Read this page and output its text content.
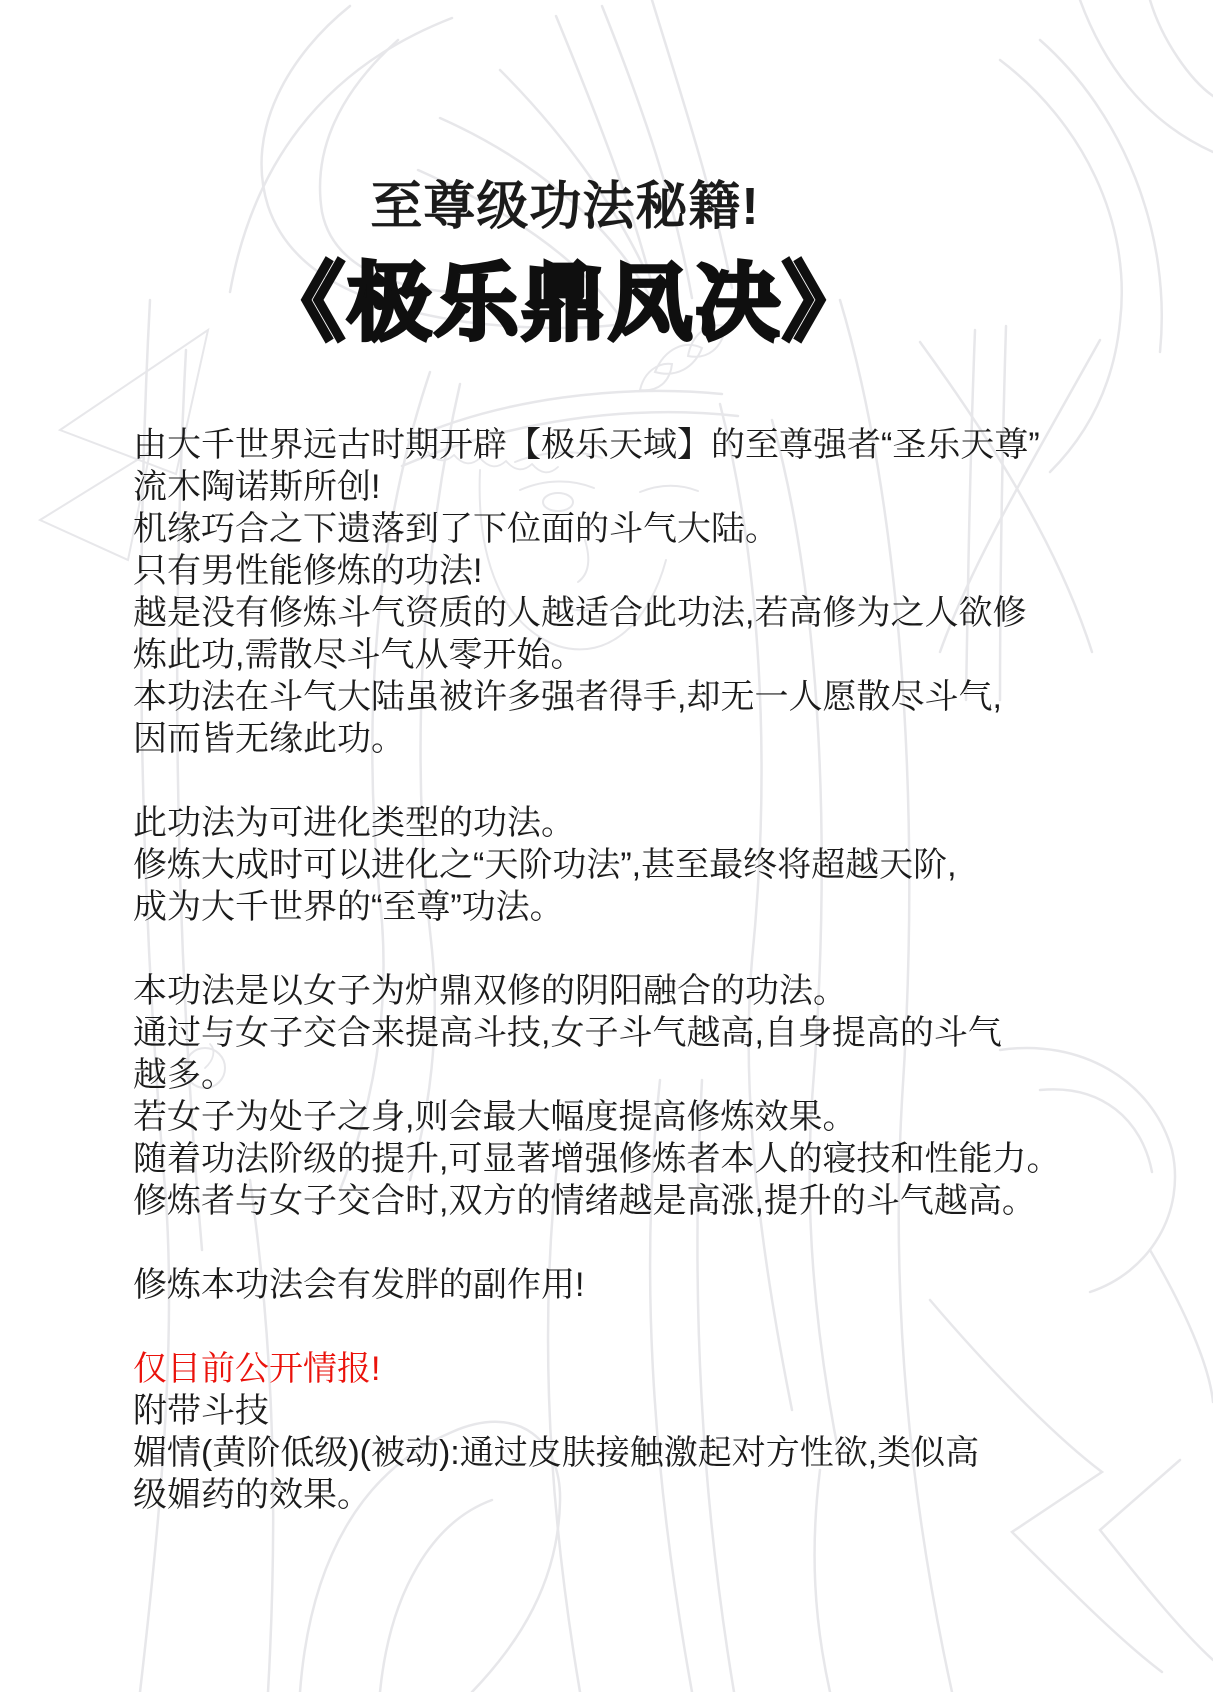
至尊级功法秘籍!
《极乐鼎凤决》
由大千世界远古时期开辟【极乐天域】的至尊强者“圣乐天尊”
流木陶诺斯所创!
机缘巧合之下遗落到了下位面的斗气大陆。
只有男性能修炼的功法!
越是没有修炼斗气资质的人越适合此功法,若高修为之人欲修
炼此功,需散尽斗气从零开始。
本功法在斗气大陆虽被许多强者得手,却无一人愿散尽斗气,
因而皆无缘此功。

此功法为可进化类型的功法。
修炼大成时可以进化之“天阶功法”,甚至最终将超越天阶,
成为大千世界的“至尊”功法。

本功法是以女子为炉鼎双修的阴阳融合的功法。
通过与女子交合来提高斗技,女子斗气越高,自身提高的斗气
越多。
若女子为处子之身,则会最大幅度提高修炼效果。
随着功法阶级的提升,可显著增强修炼者本人的寝技和性能力。
修炼者与女子交合时,双方的情绪越是高涨,提升的斗气越高。

修炼本功法会有发胖的副作用!

仅目前公开情报!
附带斗技
媚情(黄阶低级)(被动):通过皮肤接触激起对方性欲,类似高
级媚药的效果。
